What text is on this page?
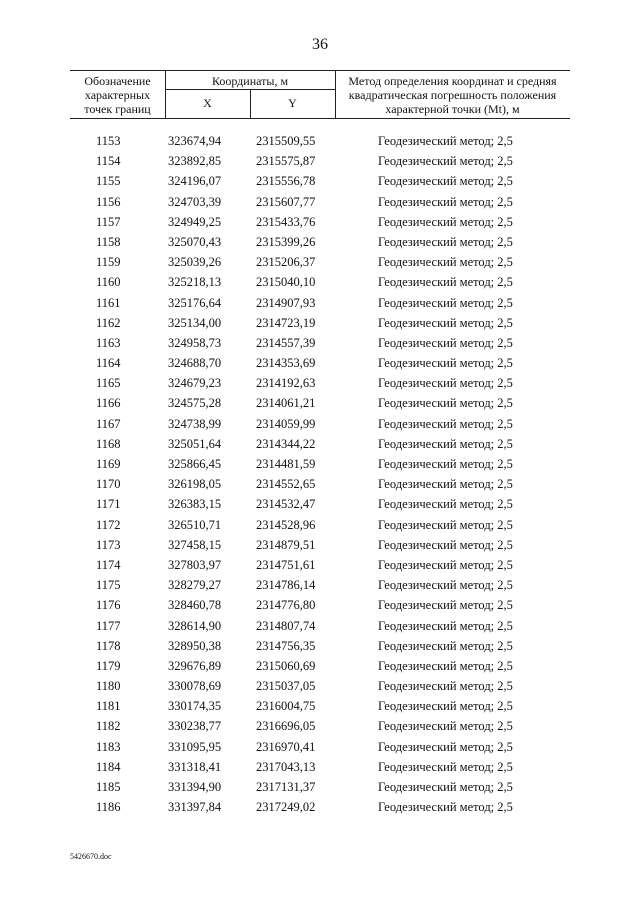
36
Обозначение характерных точек границ
Координаты, м
X	Y
Метод определения координат и средняя квадратическая погрешность положения характерной точки (Mt), м
1153	323674,94	2315509,55	Геодезический метод; 2,5
1154	323892,85	2315575,87	Геодезический метод; 2,5
1155	324196,07	2315556,78	Геодезический метод; 2,5
1156	324703,39	2315607,77	Геодезический метод; 2,5
1157	324949,25	2315433,76	Геодезический метод; 2,5
1158	325070,43	2315399,26	Геодезический метод; 2,5
1159	325039,26	2315206,37	Геодезический метод; 2,5
1160	325218,13	2315040,10	Геодезический метод; 2,5
1161	325176,64	2314907,93	Геодезический метод; 2,5
1162	325134,00	2314723,19	Геодезический метод; 2,5
1163	324958,73	2314557,39	Геодезический метод; 2,5
1164	324688,70	2314353,69	Геодезический метод; 2,5
1165	324679,23	2314192,63	Геодезический метод; 2,5
1166	324575,28	2314061,21	Геодезический метод; 2,5
1167	324738,99	2314059,99	Геодезический метод; 2,5
1168	325051,64	2314344,22	Геодезический метод; 2,5
1169	325866,45	2314481,59	Геодезический метод; 2,5
1170	326198,05	2314552,65	Геодезический метод; 2,5
1171	326383,15	2314532,47	Геодезический метод; 2,5
1172	326510,71	2314528,96	Геодезический метод; 2,5
1173	327458,15	2314879,51	Геодезический метод; 2,5
1174	327803,97	2314751,61	Геодезический метод; 2,5
1175	328279,27	2314786,14	Геодезический метод; 2,5
1176	328460,78	2314776,80	Геодезический метод; 2,5
1177	328614,90	2314807,74	Геодезический метод; 2,5
1178	328950,38	2314756,35	Геодезический метод; 2,5
1179	329676,89	2315060,69	Геодезический метод; 2,5
1180	330078,69	2315037,05	Геодезический метод; 2,5
1181	330174,35	2316004,75	Геодезический метод; 2,5
1182	330238,77	2316696,05	Геодезический метод; 2,5
1183	331095,95	2316970,41	Геодезический метод; 2,5
1184	331318,41	2317043,13	Геодезический метод; 2,5
1185	331394,90	2317131,37	Геодезический метод; 2,5
1186	331397,84	2317249,02	Геодезический метод; 2,5
5426670.doc
